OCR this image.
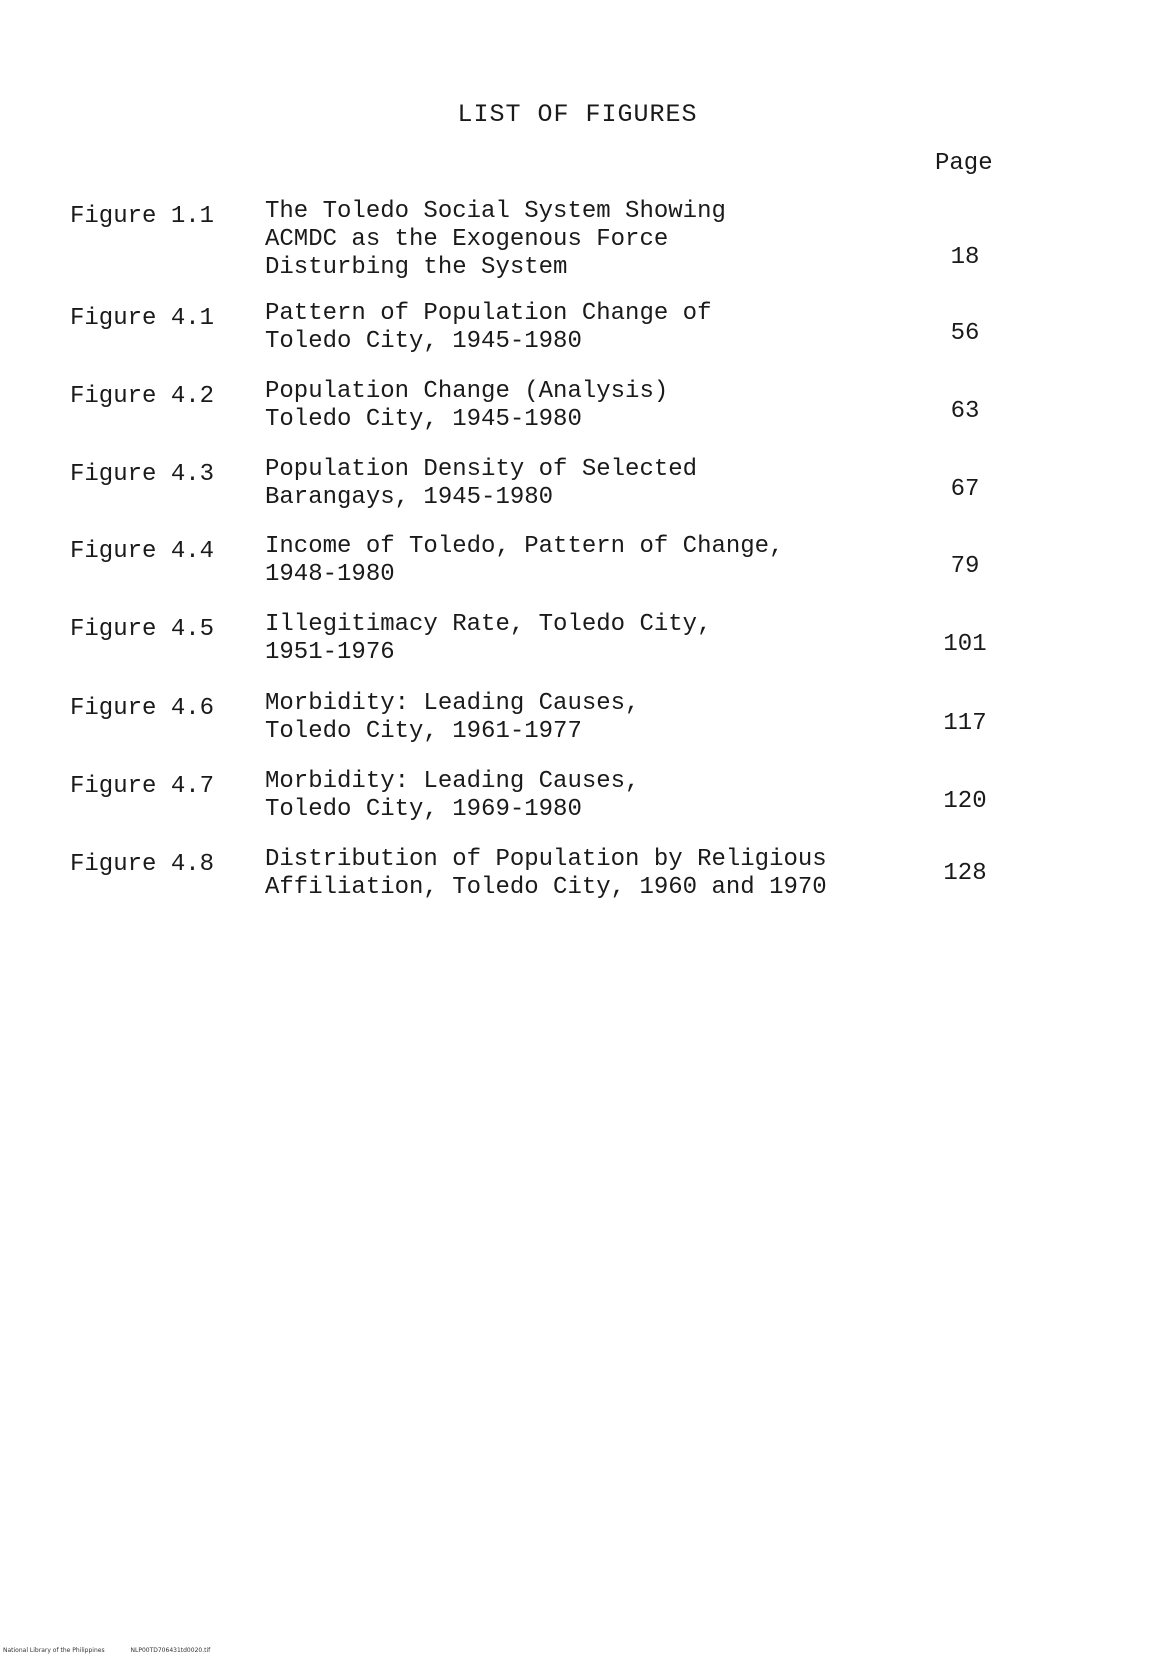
LIST OF FIGURES
Page
Figure 1.1 The Toledo Social System Showing
ACMDC as the Exogenous Force
Disturbing the System	18
Figure 4.1 Pattern of Population Change of
Toledo City, 1945-1980	56
Figure 4.2 Population Change (Analysis)
Toledo City, 1945-1980	63
Figure 4.3 Population Density of Selected
Barangays, 1945-1980	67
Figure 4.4 Income of Toledo, Pattern of Change,
1948-1980	79
Figure 4.5 Illegitimacy Rate, Toledo City,
1951-1976	101
Figure 4.6 Morbidity: Leading Causes,
Toledo City, 1961-1977	117
Figure 4.7 Morbidity: Leading Causes,
Toledo City, 1969-1980	120
Figure 4.8 Distribution of Population by Religious
Affiliation, Toledo City, 1960 and 1970
128
National Library of the Philippines	NLP00TD706431td0020.tif
